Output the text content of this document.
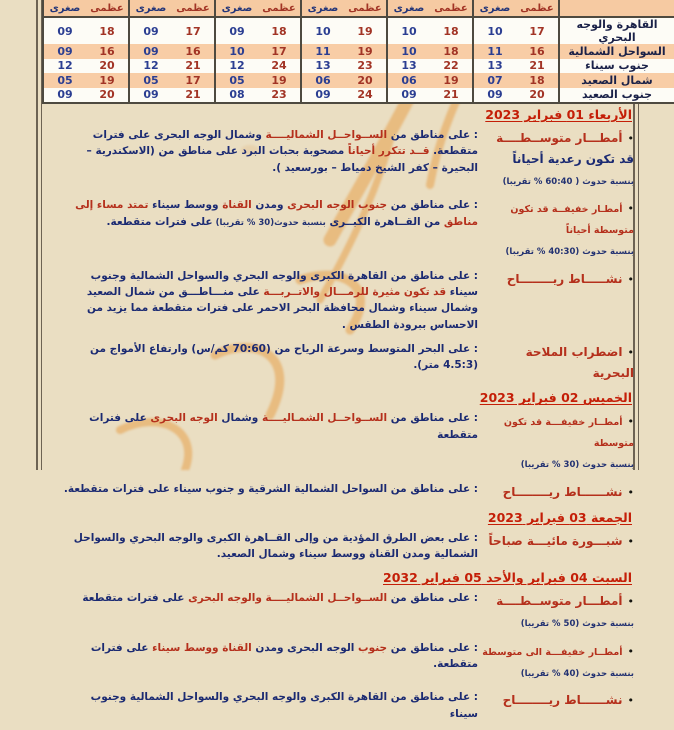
صغرى	عظمى	صغرى	عظمى	صغرى	عظمى	صغرى	عظمى	صغرى	عظمى	صغرى	عظمى	
09	18	09	17	09	18	10	19	10	18	10	17	القاهرة والوجه البحري
09	16	09	16	10	17	11	19	10	18	11	16	السواحل الشمالية
12	20	12	21	12	24	13	23	13	22	13	21	جنوب سيناء
05	19	05	17	05	19	06	20	06	19	07	18	شمال الصعيد
09	20	09	21	08	23	09	24	09	21	09	20	جنوب الصعيد
الأربعاء 01 فبراير 2023
•أمطـــار متوســطــــة
قد تكون رعدية أحياناً
بنسبة حدوث ( 60:40 % تقريبا)
: على مناطق من الســواحــل الشماليــــة وشمال الوجه البحرى على فترات متقطعة. قــد تتكرر أحياناً مصحوبة بحبات البرد على مناطق من (الاسكندرية – البحيرة – كفر الشيخ دمياط – بورسعيد ).
•أمطـار خفيفــة قد تكون متوسطة أحياناً
بنسبة حدوث (40:30 % تقريبا)
: على مناطق من جنوب الوجه البحرى ومدن القناة ووسط سيناء تمتد مساء إلى مناطق من القــاهرة الكبــرى بنسبة حدوث(30 % تقريبا) على فترات متقطعة.
•نشـــــاط ريــــــــاح
: على مناطق من القاهرة الكبرى والوجه البحري والسواحل الشمالية وجنوب سيناء قد تكون مثيرة للرمـــال والاتــربـــة على منـــاطـــق من شمال الصعيد وشمال سيناء وشمال محافظة البحر الاحمر على فترات متقطعة مما يزيد من الاحساس ببرودة الطقس .
•اضطراب الملاحة البحرية
: على البحر المتوسط وسرعة الرياح من (70:60 كم/س) وارتفاع الأمواج من (4.5:3 متر).
الخميس 02 فبراير 2023
•أمطــار خفيفـــة قد تكون متوسطة
بنسبة حدوث (30 % تقريبا)
: على مناطق من الســواحــل الشمـاليــــة وشمال الوجه البحرى على فترات متقطعة
•نشــــــاط ريــــــــاح
: على مناطق من السواحل الشمالية الشرقية و جنوب سيناء على فترات متقطعة.
الجمعة 03 فبراير 2023
•شبـــورة مائيـــة صباحاً
: على بعض الطرق المؤدية من وإلى القــاهرة الكبرى والوجه البحري والسواحل الشمالية ومدن القناة ووسط سيناء وشمال الصعيد.
السبت 04 فبراير والأحد 05 فبراير 2032
•أمطـــار متوســطــــة
بنسبة حدوث (50 % تقريبا)
: على مناطق من الســواحــل الشماليــــة والوجه البحرى على فترات متقطعة
•أمطــار خفيفـــة الى متوسطة
بنسبة حدوث (40 % تقريبا)
: على مناطق من جنوب الوجه البحرى ومدن القناة ووسط سيناء على فترات متقطعة.
•نشــــــاط ريــــــــاح
: على مناطق من القاهرة الكبرى والوجه البحري والسواحل الشمالية وجنوب سيناء
